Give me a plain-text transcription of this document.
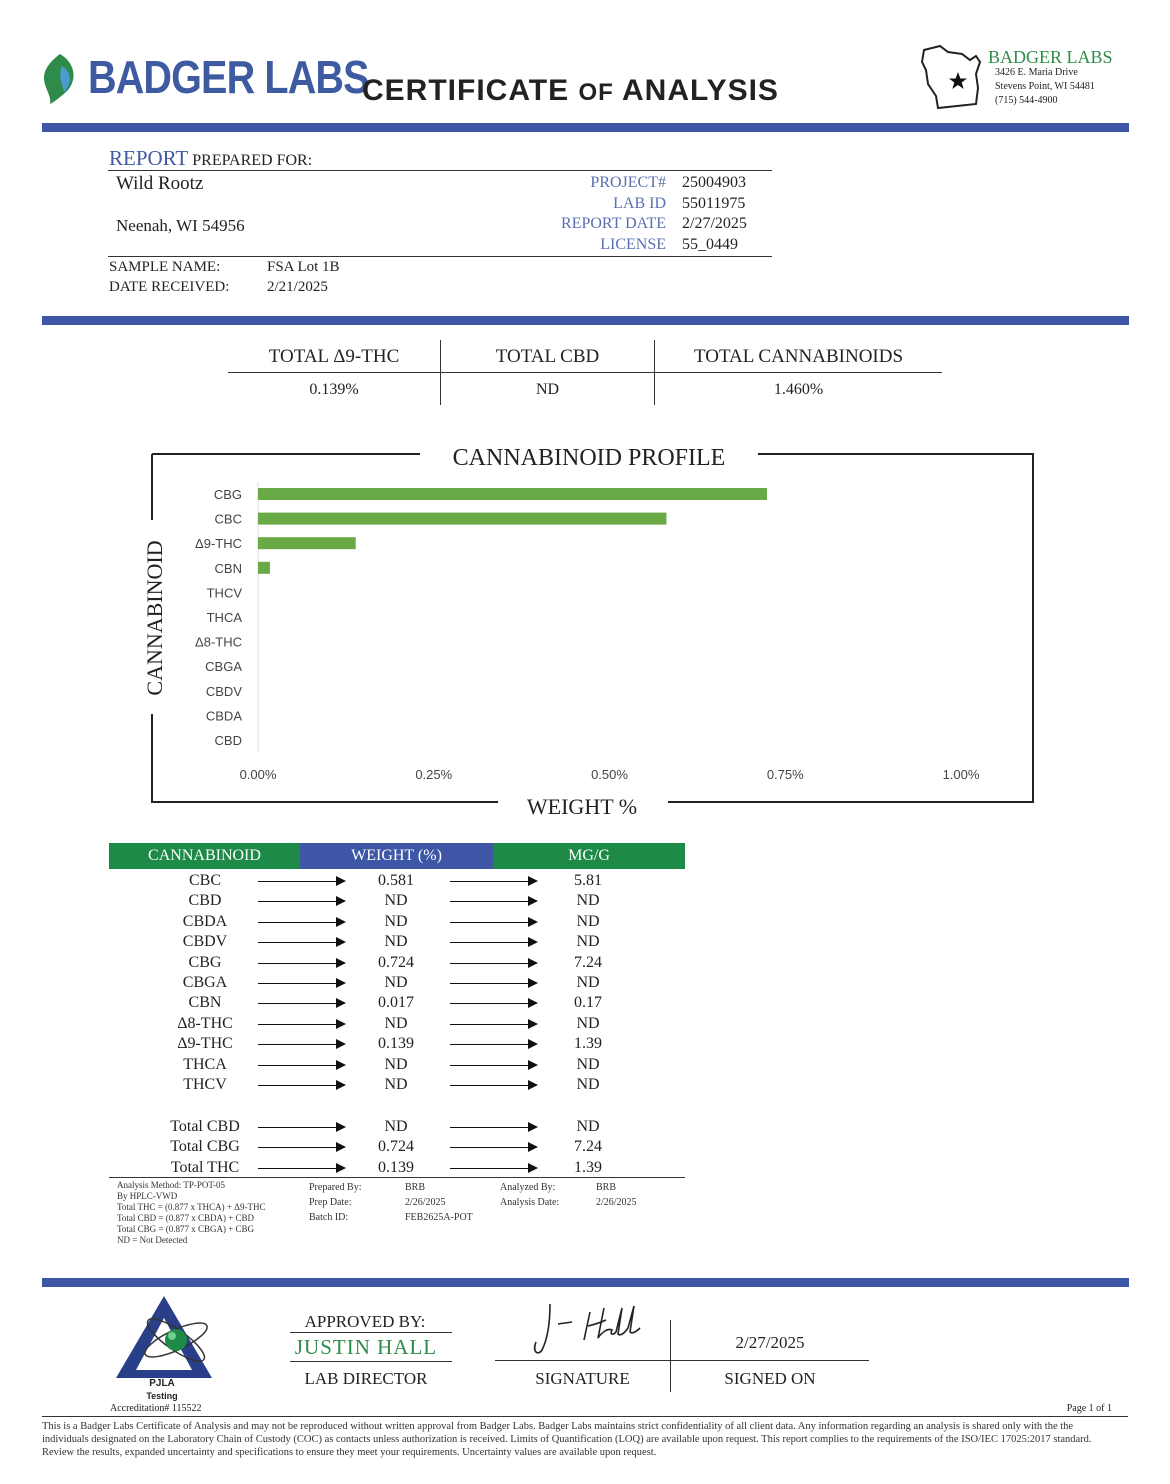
BADGER LABS
CERTIFICATE OF ANALYSIS
BADGER LABS
3426 E. Maria Drive
Stevens Point, WI 54481
(715) 544-4900
REPORT PREPARED FOR:
Wild Rootz
Neenah, WI 54956
PROJECT# 25004903
LAB ID 55011975
REPORT DATE 2/27/2025
LICENSE 55_0449
SAMPLE NAME:	FSA Lot 1B
DATE RECEIVED:	2/21/2025
TOTAL Δ9-THC	TOTAL CBD	TOTAL CANNABINOIDS
0.139%	ND	1.460%
CANNABINOID PROFILE
WEIGHT %
CANNABINOID
CBG
CBC
Δ9-THC
CBN
THCV
THCA
Δ8-THC
CBGA
CBDV
CBDA
CBD
0.00%	0.25%	0.50%	0.75%	1.00%
CANNABINOID	WEIGHT (%)	MG/G
CBC	0.581	5.81
CBD	ND	ND
CBDA	ND	ND
CBDV	ND	ND
CBG	0.724	7.24
CBGA	ND	ND
CBN	0.017	0.17
Δ8-THC	ND	ND
Δ9-THC	0.139	1.39
THCA	ND	ND
THCV	ND	ND
Total CBD	ND	ND
Total CBG	0.724	7.24
Total THC	0.139	1.39
Analysis Method: TP-POT-05
By HPLC-VWD
Total THC = (0.877 x THCA) + Δ9-THC
Total CBD = (0.877 x CBDA) + CBD
Total CBG = (0.877 x CBGA) + CBG
ND = Not Detected
Prepared By:	BRB
Prep Date:	2/26/2025
Batch ID:	FEB2625A-POT
Analyzed By:	BRB
Analysis Date:	2/26/2025
PJLA
Testing
Accreditation# 115522
APPROVED BY:
JUSTIN HALL
LAB DIRECTOR	SIGNATURE
2/27/2025
SIGNED ON
Page 1 of 1
This is a Badger Labs Certificate of Analysis and may not be reproduced without written approval from Badger Labs. Badger Labs maintains strict confidentiality of all client data. Any information regarding an analysis is shared only with the the individuals designated on the Laboratory Chain of Custody (COC) as contacts unless authorization is received. Limits of Quantification (LOQ) are available upon request. This report complies to the requirements of the ISO/IEC 17025:2017 standard. Review the results, expanded uncertainty and specifications to ensure they meet your requirements. Uncertainty values are available upon request.
